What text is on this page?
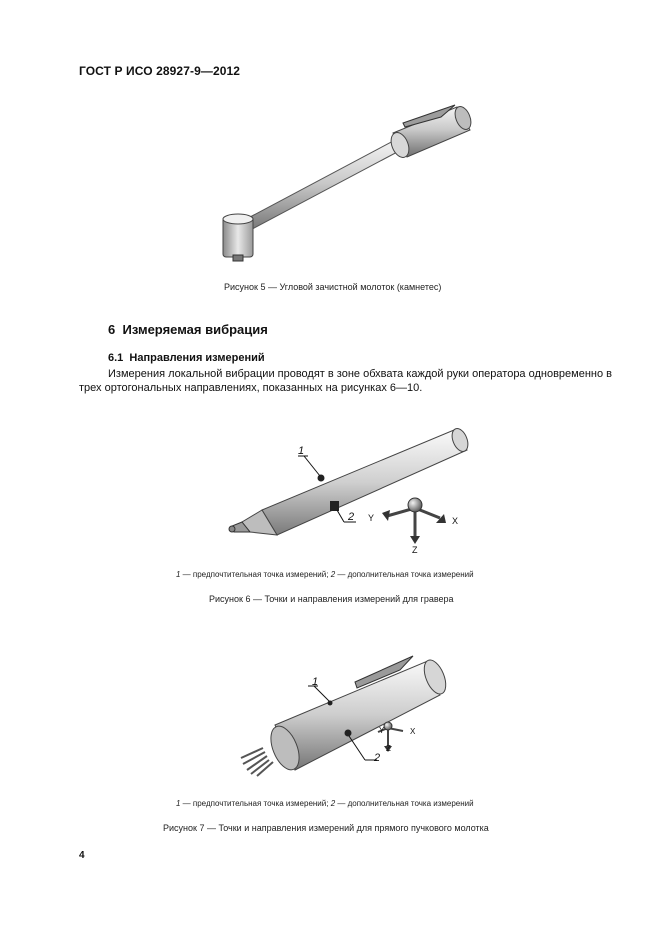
ГОСТ Р ИСО 28927-9—2012
Рисунок 5 — Угловой зачистной молоток (камнетес)
6 Измеряемая вибрация
6.1 Направления измерений
Измерения локальной вибрации проводят в зоне обхвата каждой руки оператора одновременно в
трех ортогональных направлениях, показанных на рисунках 6—10.
1
2 Y	X
Z
1 — предпочтительная точка измерений; 2 — дополнительная точка измерений
Рисунок 6 — Точки и направления измерений для гравера
1
2
Y	X
Z
1 — предпочтительная точка измерений; 2 — дополнительная точка измерений
Рисунок 7 — Точки и направления измерений для прямого пучкового молотка
4
